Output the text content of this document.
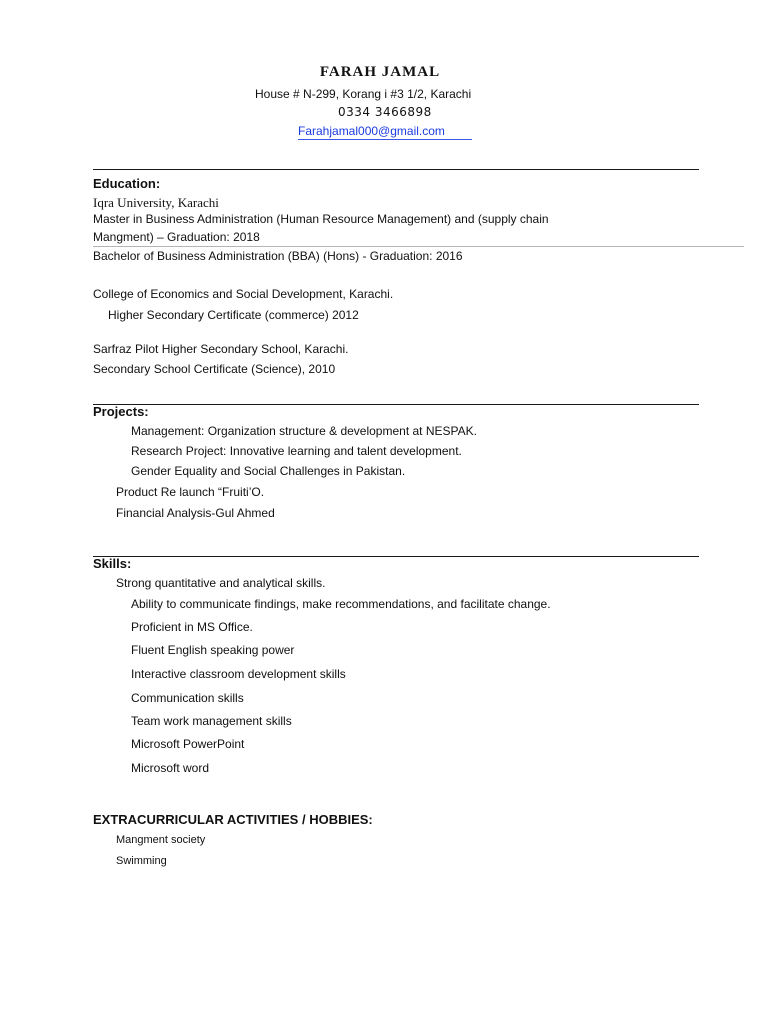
FARAH JAMAL
House # N-299, Korang i #3 1/2, Karachi
0334 3466898
Farahjamal000@gmail.com
Education:
Iqra University, Karachi
Master in Business Administration (Human Resource Management) and (supply chain
Mangment) – Graduation: 2018
Bachelor of Business Administration (BBA) (Hons) - Graduation: 2016
College of Economics and Social Development, Karachi.
Higher Secondary Certificate (commerce) 2012
Sarfraz Pilot Higher Secondary School, Karachi.
Secondary School Certificate (Science), 2010
Projects:
Management: Organization structure & development at NESPAK.
Research Project: Innovative learning and talent development.
Gender Equality and Social Challenges in Pakistan.
Product Re launch “Fruiti’O.
Financial Analysis-Gul Ahmed
Skills:
Strong quantitative and analytical skills.
Ability to communicate findings, make recommendations, and facilitate change.
Proficient in MS Office.
Fluent English speaking power
Interactive classroom development skills
Communication skills
Team work management skills
Microsoft PowerPoint
Microsoft word
EXTRACURRICULAR ACTIVITIES / HOBBIES:
Mangment society
Swimming
